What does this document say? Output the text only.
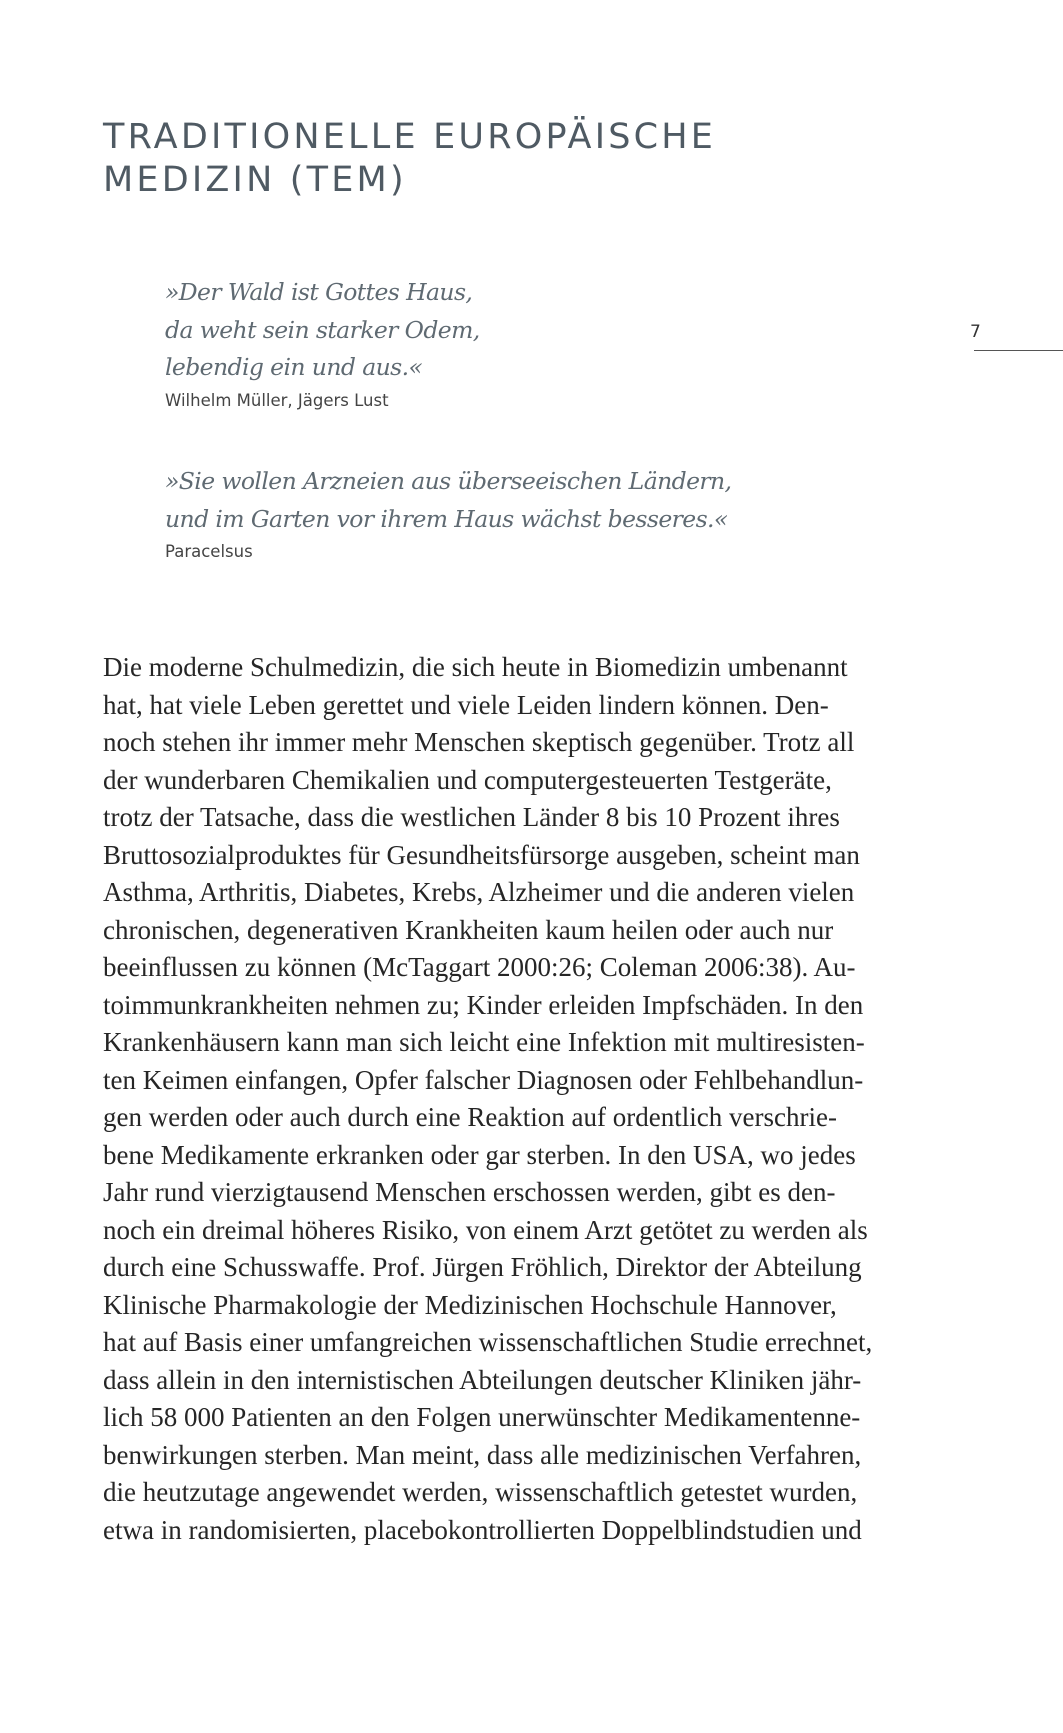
TRADITIONELLE EUROPÄISCHE
MEDIZIN (TEM)
7
»Der Wald ist Gottes Haus,
da weht sein starker Odem,
lebendig ein und aus.«
Wilhelm Müller, Jägers Lust
»Sie wollen Arzneien aus überseeischen Ländern,
und im Garten vor ihrem Haus wächst besseres.«
Paracelsus
Die moderne Schulmedizin, die sich heute in Biomedizin umbenannt
hat, hat viele Leben gerettet und viele Leiden lindern können. Den-
noch stehen ihr immer mehr Menschen skeptisch gegenüber. Trotz all
der wunderbaren Chemikalien und computergesteuerten Testgeräte,
trotz der Tatsache, dass die westlichen Länder 8 bis 10 Prozent ihres
Bruttosozialproduktes für Gesundheitsfürsorge ausgeben, scheint man
Asthma, Arthritis, Diabetes, Krebs, Alzheimer und die anderen vielen
chronischen, degenerativen Krankheiten kaum heilen oder auch nur
beeinflussen zu können (McTaggart 2000:26; Coleman 2006:38). Au-
toimmunkrankheiten nehmen zu; Kinder erleiden Impfschäden. In den
Krankenhäusern kann man sich leicht eine Infektion mit multiresisten-
ten Keimen einfangen, Opfer falscher Diagnosen oder Fehlbehandlun-
gen werden oder auch durch eine Reaktion auf ordentlich verschrie-
bene Medikamente erkranken oder gar sterben. In den USA, wo jedes
Jahr rund vierzigtausend Menschen erschossen werden, gibt es den-
noch ein dreimal höheres Risiko, von einem Arzt getötet zu werden als
durch eine Schusswaffe. Prof. Jürgen Fröhlich, Direktor der Abteilung
Klinische Pharmakologie der Medizinischen Hochschule Hannover,
hat auf Basis einer umfangreichen wissenschaftlichen Studie errechnet,
dass allein in den internistischen Abteilungen deutscher Kliniken jähr-
lich 58 000 Patienten an den Folgen unerwünschter Medikamentenne-
benwirkungen sterben. Man meint, dass alle medizinischen Verfahren,
die heutzutage angewendet werden, wissenschaftlich getestet wurden,
etwa in randomisierten, placebokontrollierten Doppelblindstudien und
